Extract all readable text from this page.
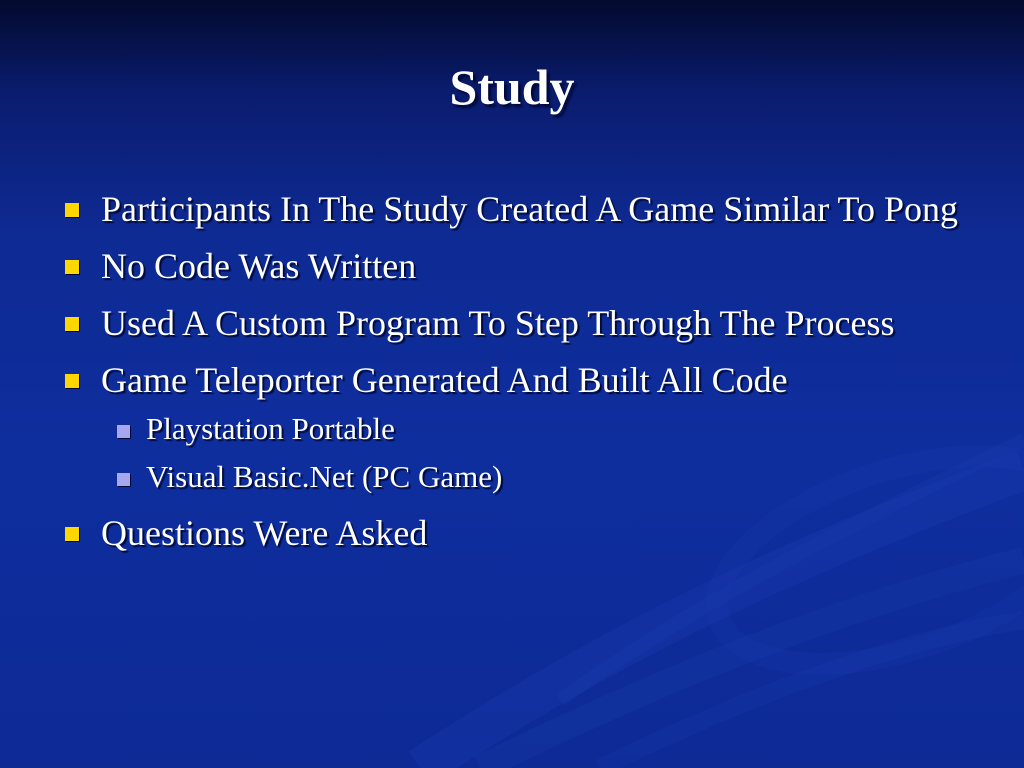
Study
Participants In The Study Created A Game Similar To Pong
No Code Was Written
Used A Custom Program To Step Through The Process
Game Teleporter Generated And Built All Code
Playstation Portable
Visual Basic.Net (PC Game)
Questions Were Asked
